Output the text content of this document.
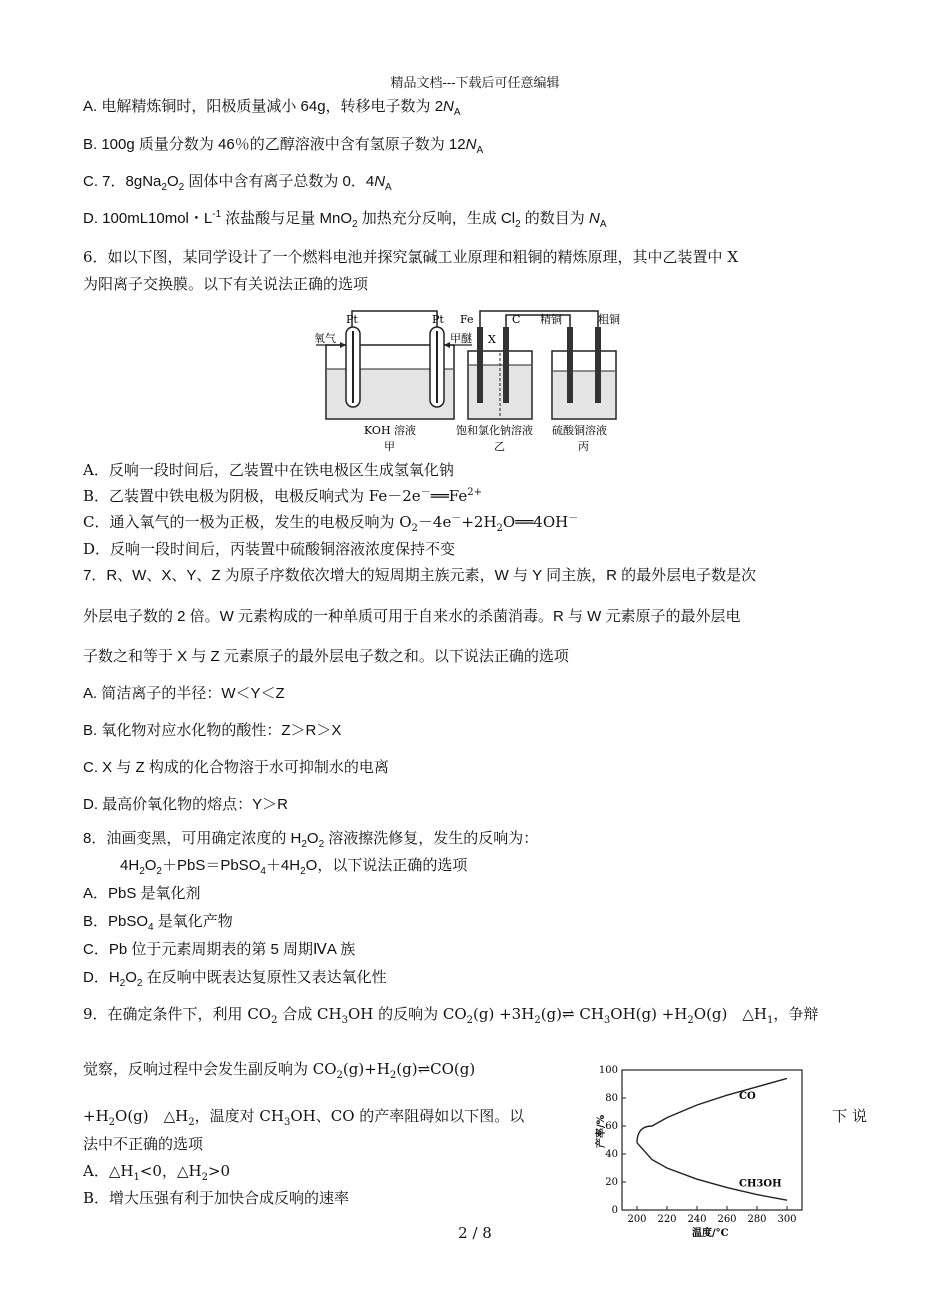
精品文档---下载后可任意编辑
A. 电解精炼铜时，阳极质量减小 64g，转移电子数为 $2N_A$
B. 100g 质量分数为 46％的乙醇溶液中含有氢原子数为 $12N_A$
C. 7．$8gNa_2O_2$ 固体中含有离子总数为 0．$4N_A$
D. 100mL10mol・$L^{-1}$ 浓盐酸与足量 MnO$_2$ 加热充分反响，生成 $Cl_2$ 的数目为 $N_A$
6．如以下图，某同学设计了一个燃料电池并探究氯碱工业原理和粗铜的精炼原理，其中乙装置中 X
为阳离子交换膜。以下有关说法正确的选项
Pt	Pt Fe	C
X
氧气	甲醚
精铜	粗铜
KOH 溶液	饱和氯化钠溶液 硫酸铜溶液
甲	乙	丙
A．反响一段时间后，乙装置中在铁电极区生成氢氧化钠
B．乙装置中铁电极为阴极，电极反响式为 $Fe-2e^-══Fe^{2+}$
C．通入氧气的一极为正极，发生的电极反响为 $O_2-4e^-+2H_2O══4OH^-$
D．反响一段时间后，丙装置中硫酸铜溶液浓度保持不变
7．R、W、X、Y、Z 为原子序数依次增大的短周期主族元素，W 与 Y 同主族，R 的最外层电子数是次
外层电子数的 2 倍。W 元素构成的一种单质可用于自来水的杀菌消毒。R 与 W 元素原子的最外层电
子数之和等于 X 与 Z 元素原子的最外层电子数之和。以下说法正确的选项
A. 简洁离子的半径：W＜Y＜Z
B. 氧化物对应水化物的酸性：Z＞R＞X
C. X 与 Z 构成的化合物溶于水可抑制水的电离
D. 最高价氧化物的熔点：Y＞R
8．油画变黑，可用确定浓度的 $H_2O_2$ 溶液擦洗修复，发生的反响为：
$4H_2O_2+PbS=PbSO_4+4H_2O$，以下说法正确的选项
A．PbS 是氧化剂
B．PbSO$_4$ 是氧化产物
C．Pb 位于元素周期表的第 5 周期ⅣA 族
D．$H_2O_2$ 在反响中既表达复原性又表达氧化性
9．在确定条件下，利用 $CO_2$ 合成 $CH_3OH$ 的反响为 $CO_2(g)$ $+3H_2(g)\rightleftharpoons$ $CH_3OH(g) +H_2O(g)$　$\triangle H_1$，争辩
觉察，反响过程中会发生副反响为 $CO_2(g)+H_2(g)\rightleftharpoons CO(g)$
$+H_2O(g)$　$\triangle H_2$，温度对 $CH_3OH$、CO 的产率阻碍如以下图。以	下 说
法中不正确的选项
A．$\triangle H_1<0$，$\triangle H_2>0$
B．增大压强有利于加快合成反响的速率
0
20
40
60
80
100
200 220 240 260 280 300
CO
CH3OH
产率/%
温度/°C
2 / 8
